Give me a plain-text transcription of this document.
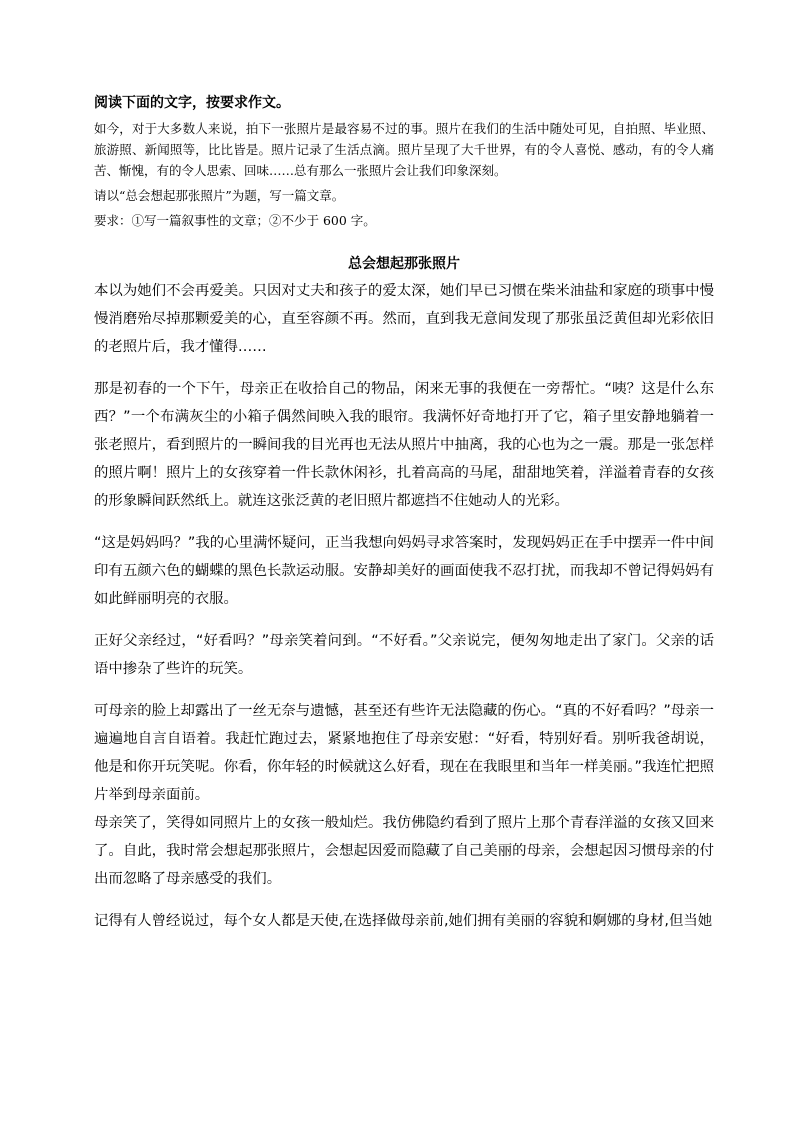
阅读下面的文字，按要求作文。

如今，对于大多数人来说，拍下一张照片是最容易不过的事。照片在我们的生活中随处可见，自拍照、毕业照、旅游照、新闻照等，比比皆是。照片记录了生活点滴。照片呈现了大千世界，有的令人喜悦、感动，有的令人痛苦、惭愧，有的令人思索、回味……总有那么一张照片会让我们印象深刻。

请以“总会想起那张照片”为题，写一篇文章。

要求：①写一篇叙事性的文章；②不少于 600 字。

总会想起那张照片

本以为她们不会再爱美。只因对丈夫和孩子的爱太深，她们早已习惯在柴米油盐和家庭的琐事中慢慢消磨殆尽掉那颗爱美的心，直至容颜不再。然而，直到我无意间发现了那张虽泛黄但却光彩依旧的老照片后，我才懂得……

那是初春的一个下午，母亲正在收拾自己的物品，闲来无事的我便在一旁帮忙。“咦？这是什么东西？”一个布满灰尘的小箱子偶然间映入我的眼帘。我满怀好奇地打开了它，箱子里安静地躺着一张老照片，看到照片的一瞬间我的目光再也无法从照片中抽离，我的心也为之一震。那是一张怎样的照片啊！照片上的女孩穿着一件长款休闲衫，扎着高高的马尾，甜甜地笑着，洋溢着青春的女孩的形象瞬间跃然纸上。就连这张泛黄的老旧照片都遮挡不住她动人的光彩。

“这是妈妈吗？”我的心里满怀疑问，正当我想向妈妈寻求答案时，发现妈妈正在手中摆弄一件中间印有五颜六色的蝴蝶的黑色长款运动服。安静却美好的画面使我不忍打扰，而我却不曾记得妈妈有如此鲜丽明亮的衣服。

正好父亲经过，“好看吗？”母亲笑着问到。“不好看。”父亲说完，便匆匆地走出了家门。父亲的话语中掺杂了些许的玩笑。

可母亲的脸上却露出了一丝无奈与遗憾，甚至还有些许无法隐藏的伤心。“真的不好看吗？”母亲一遍遍地自言自语着。我赶忙跑过去，紧紧地抱住了母亲安慰：“好看，特别好看。别听我爸胡说，他是和你开玩笑呢。你看，你年轻的时候就这么好看，现在在我眼里和当年一样美丽。”我连忙把照片举到母亲面前。

母亲笑了，笑得如同照片上的女孩一般灿烂。我仿佛隐约看到了照片上那个青春洋溢的女孩又回来了。自此，我时常会想起那张照片，会想起因爱而隐藏了自己美丽的母亲，会想起因习惯母亲的付出而忽略了母亲感受的我们。

记得有人曾经说过，每个女人都是天使,在选择做母亲前,她们拥有美丽的容貌和婀娜的身材,但当她
